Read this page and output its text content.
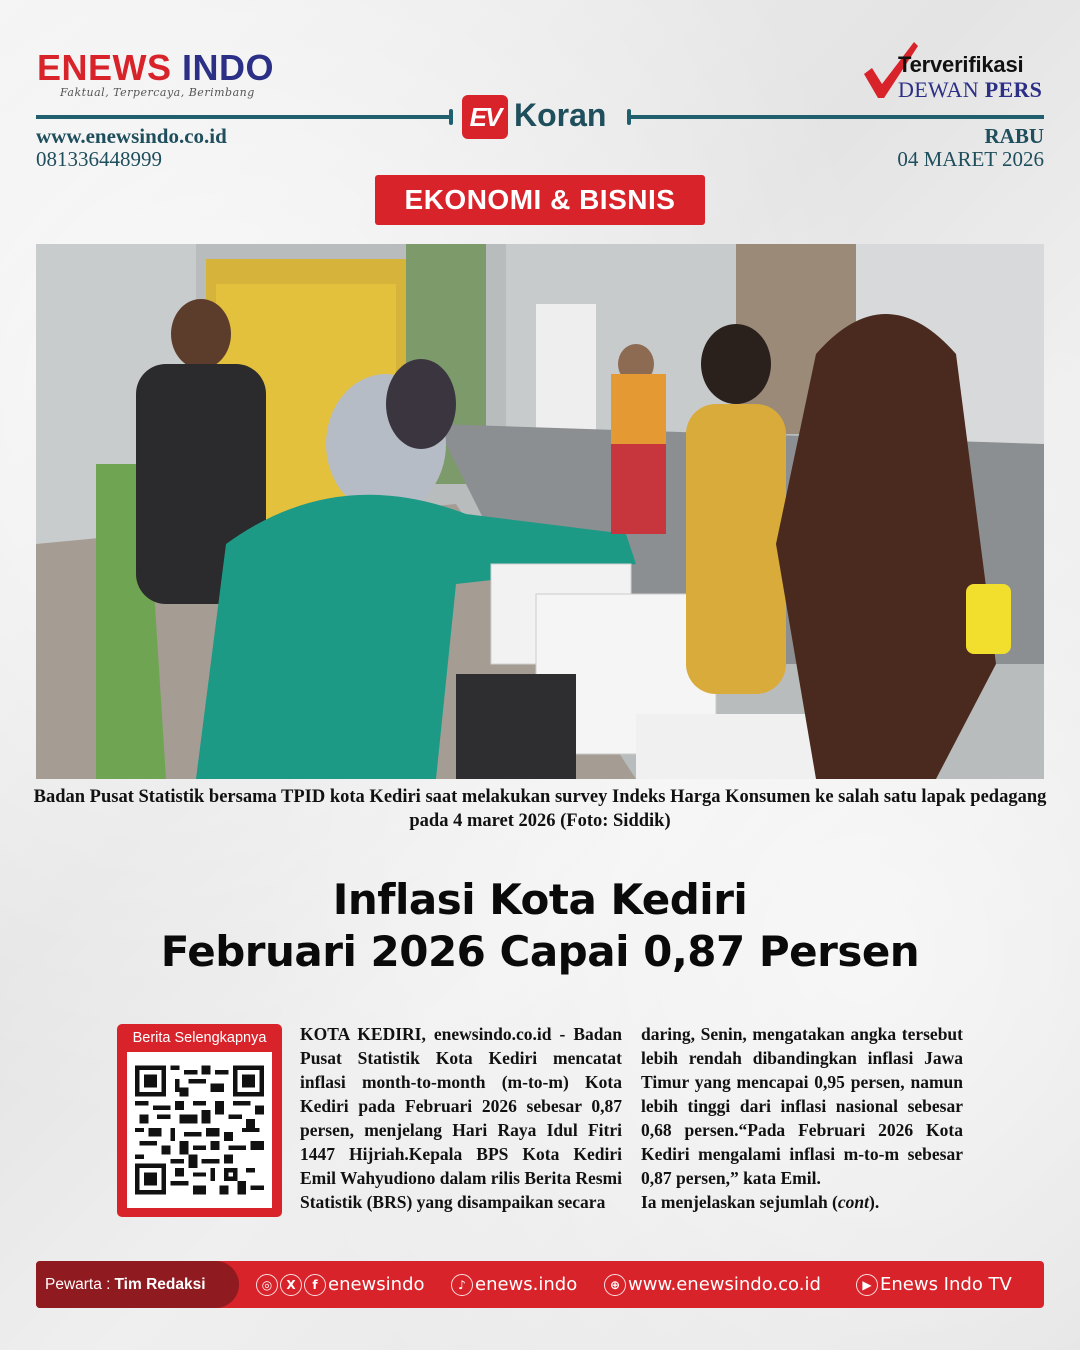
ENEWS INDO
Faktual, Terpercaya, Berimbang
Terverifikasi
DEWAN PERS
EV Koran
www.enewsindo.co.id
081336448999
RABU
04 MARET 2026
EKONOMI & BISNIS
Badan Pusat Statistik bersama TPID kota Kediri saat melakukan survey Indeks Harga Konsumen ke salah satu lapak pedagang pada 4 maret 2026 (Foto: Siddik)
Inflasi Kota Kediri
Februari 2026 Capai 0,87 Persen
Berita Selengkapnya	KOTA KEDIRI, enewsindo.co.id - Badan Pusat Statistik Kota Kediri mencatat inflasi month-to-month (m-to-m) Kota Kediri pada Februari 2026 sebesar 0,87 persen, menjelang Hari Raya Idul Fitri 1447 Hijriah.Kepala BPS Kota Kediri Emil Wahyudiono dalam rilis Berita Resmi Statistik (BRS) yang disampaikan secara

daring, Senin, mengatakan angka tersebut lebih rendah dibandingkan inflasi Jawa Timur yang mencapai 0,95 persen, namun lebih tinggi dari inflasi nasional sebesar 0,68 persen.“Pada Februari 2026 Kota Kediri mengalami inflasi m-to-m sebesar 0,87 persen,” kata Emil.

Ia menjelaskan sejumlah (cont).

Pewarta : Tim Redaksi	◎	X	f enewsindo	♪ enews.indo	⊕ www.enewsindo.co.id	▶ Enews Indo TV
